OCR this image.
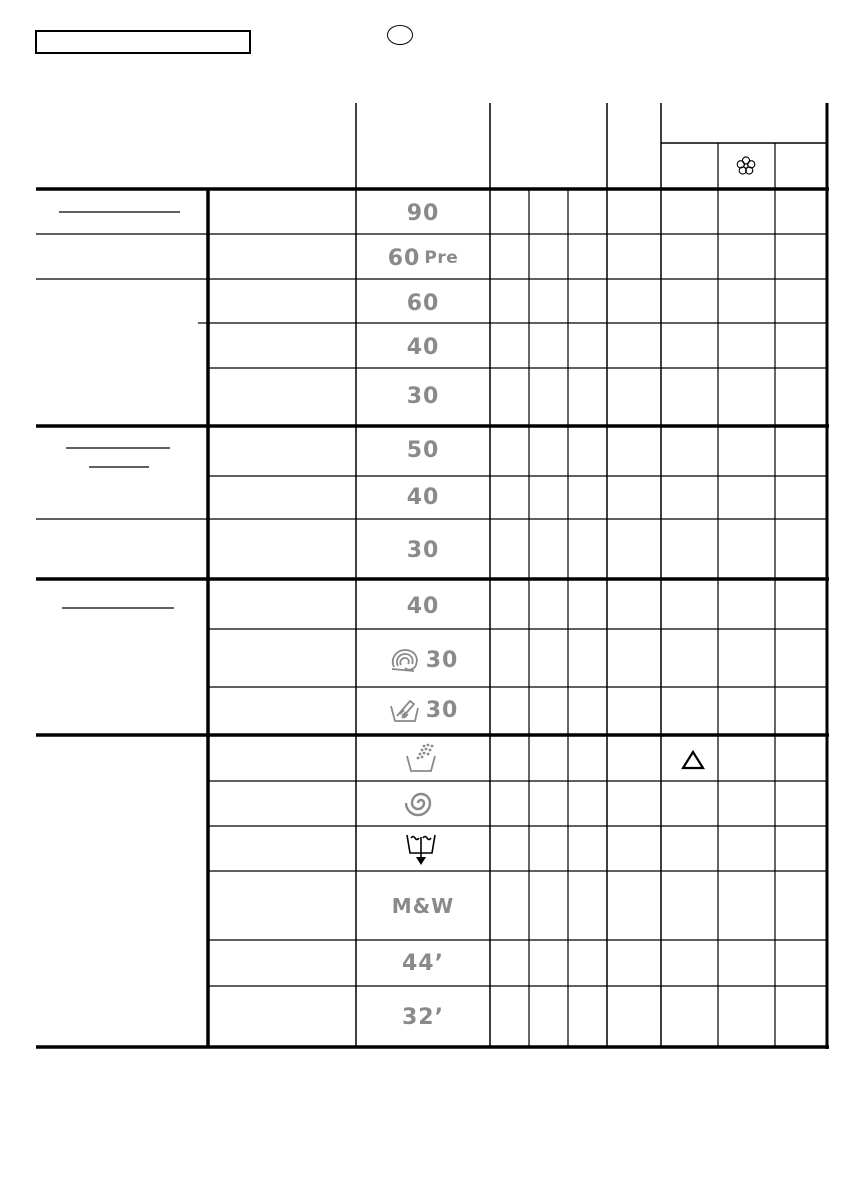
90
60 Pre
60
40
30
50
40
30
40
30
30
M&W
44’
32’
